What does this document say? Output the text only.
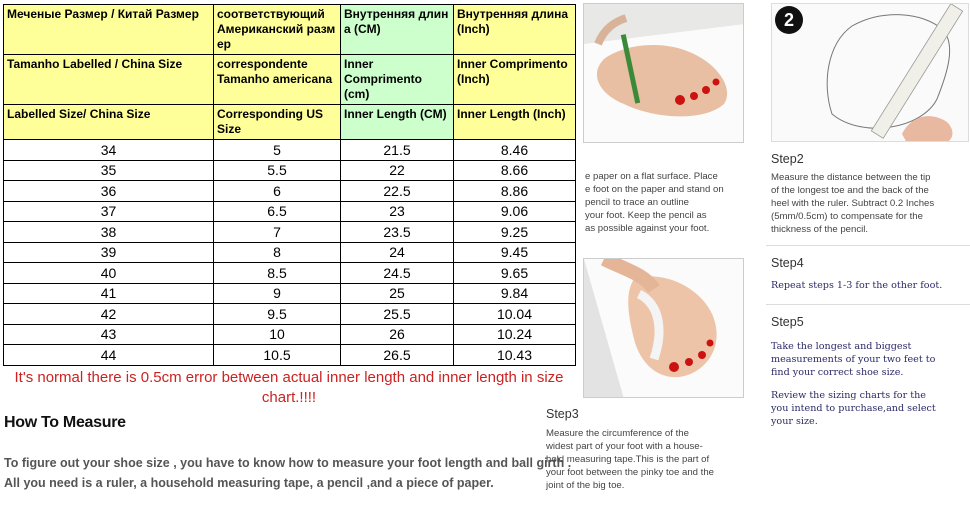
Меченые Размер / Китай Размер	соответствующий Американский разм ер	Внутренняя длин а (CM)	Внутренняя длина (Inch)
Tamanho Labelled / China Size	correspondente Tamanho americana	Inner Comprimento (cm)	Inner Comprimento (Inch)
Labelled Size/ China Size	Corresponding US Size	Inner Length (CM)	Inner Length (Inch)
34	5	21.5	8.46
35	5.5	22	8.66
36	6	22.5	8.86
37	6.5	23	9.06
38	7	23.5	9.25
39	8	24	9.45
40	8.5	24.5	9.65
41	9	25	9.84
42	9.5	25.5	10.04
43	10	26	10.24
44	10.5	26.5	10.43
It's normal there is 0.5cm error between actual inner length and inner length in size chart.!!!!
How To Measure
To figure out your shoe size , you have to know how to measure your foot length and ball girth .
All you need is a ruler, a household measuring tape, a pencil ,and a piece of paper.
e paper on a flat surface. Place
e foot on the paper and stand on
pencil to trace an outline
your foot. Keep the pencil as
as possible against your foot.
2
Step2
Measure the distance between the tip
of the longest toe and the back of the
heel with the ruler. Subtract 0.2 Inches
(5mm/0.5cm) to compensate for the
thickness of the pencil.
Step3
Measure the circumference of the
widest part of your foot with a house-
hold measuring tape.This is the part of
your foot between the pinky toe and the
joint of the big toe.
Step4
Repeat steps 1-3 for the other foot.
Step5
Take the longest and biggest
measurements of your two feet to
find your correct shoe size.
Review the sizing charts for the
you intend to purchase,and select
your size.
